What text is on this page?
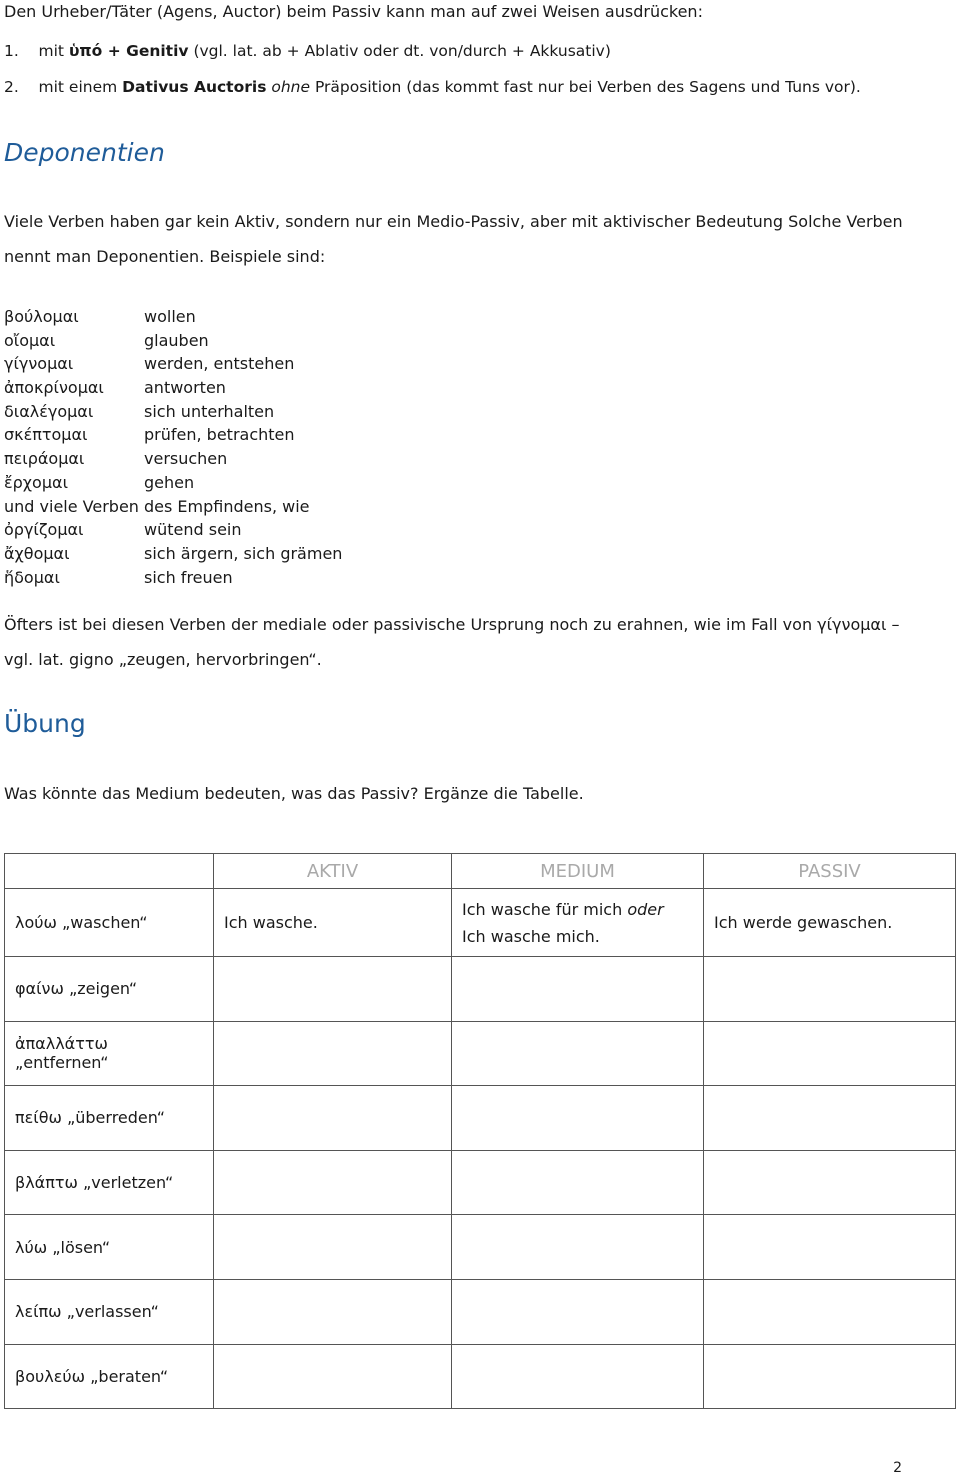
Den Urheber/Täter (Agens, Auctor) beim Passiv kann man auf zwei Weisen ausdrücken:
1. mit ὑπό + Genitiv (vgl. lat. ab + Ablativ oder dt. von/durch + Akkusativ)
2. mit einem Dativus Auctoris ohne Präposition (das kommt fast nur bei Verben des Sagens und Tuns vor).
Deponentien
Viele Verben haben gar kein Aktiv, sondern nur ein Medio-Passiv, aber mit aktivischer Bedeutung Solche Verben
nennt man Deponentien. Beispiele sind:
βούλομαι	wollen
οἴομαι	glauben
γίγνομαι	werden, entstehen
ἀποκρίνομαι	antworten
διαλέγομαι	sich unterhalten
σκέπτομαι	prüfen, betrachten
πειράομαι	versuchen
ἔρχομαι	gehen
und viele Verben des Empfindens, wie
ὀργίζομαι	wütend sein
ἄχθομαι	sich ärgern, sich grämen
ἥδομαι	sich freuen
Öfters ist bei diesen Verben der mediale oder passivische Ursprung noch zu erahnen, wie im Fall von γίγνομαι –
vgl. lat. gigno „zeugen, hervorbringen“.
Übung
Was könnte das Medium bedeuten, was das Passiv? Ergänze die Tabelle.
	AKTIV	MEDIUM	PASSIV
λούω „waschen“	Ich wasche.	Ich wasche für mich oder
Ich wasche mich.	Ich werde gewaschen.
φαίνω „zeigen“			
ἀπαλλάττω „entfernen“			
πείθω „überreden“			
βλάπτω „verletzen“			
λύω „lösen“			
λείπω „verlassen“			
βουλεύω „beraten“			
2
